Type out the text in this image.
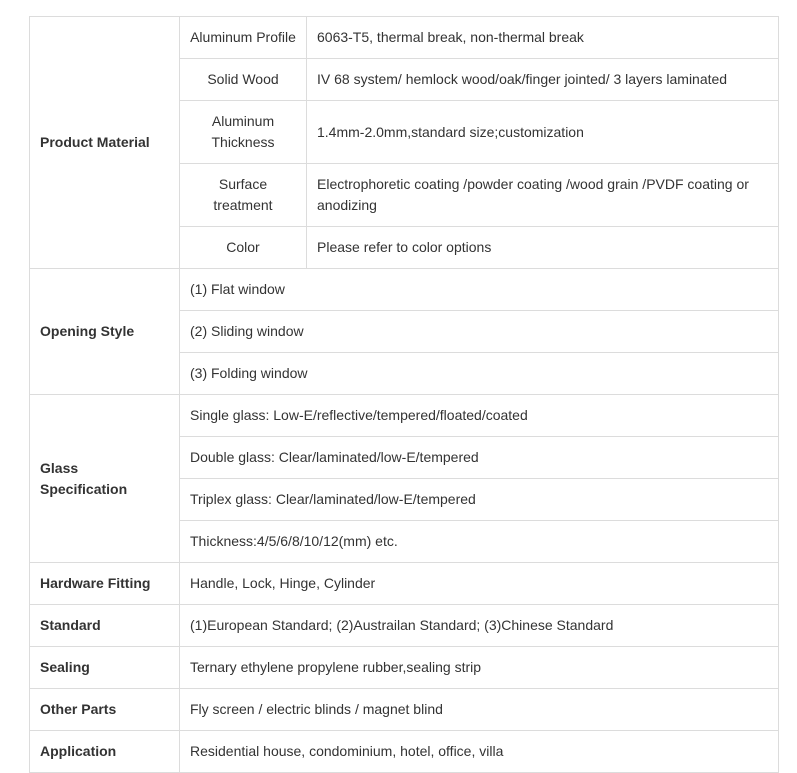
Product Material	Aluminum Profile	6063-T5, thermal break, non-thermal break
	Solid Wood	IV 68 system/ hemlock wood/oak/finger jointed/ 3 layers laminated
	Aluminum Thickness	1.4mm-2.0mm,standard size;customization
	Surface treatment	Electrophoretic coating /powder coating /wood grain /PVDF coating or anodizing
	Color	Please refer to color options
Opening Style	(1) Flat window	
	(2) Sliding window	
	(3) Folding window	

Glass
Specification	Single glass: Low-E/reflective/tempered/floated/coated	
	Double glass: Clear/laminated/low-E/tempered	
	Triplex glass: Clear/laminated/low-E/tempered	
	Thickness:4/5/6/8/10/12(mm) etc.	
Hardware Fitting	Handle, Lock, Hinge, Cylinder	
Standard	(1)European Standard; (2)Austrailan Standard; (3)Chinese Standard	
Sealing	Ternary ethylene propylene rubber,sealing strip	
Other Parts	Fly screen / electric blinds / magnet blind	
Application	Residential house, condominium, hotel, office, villa	
